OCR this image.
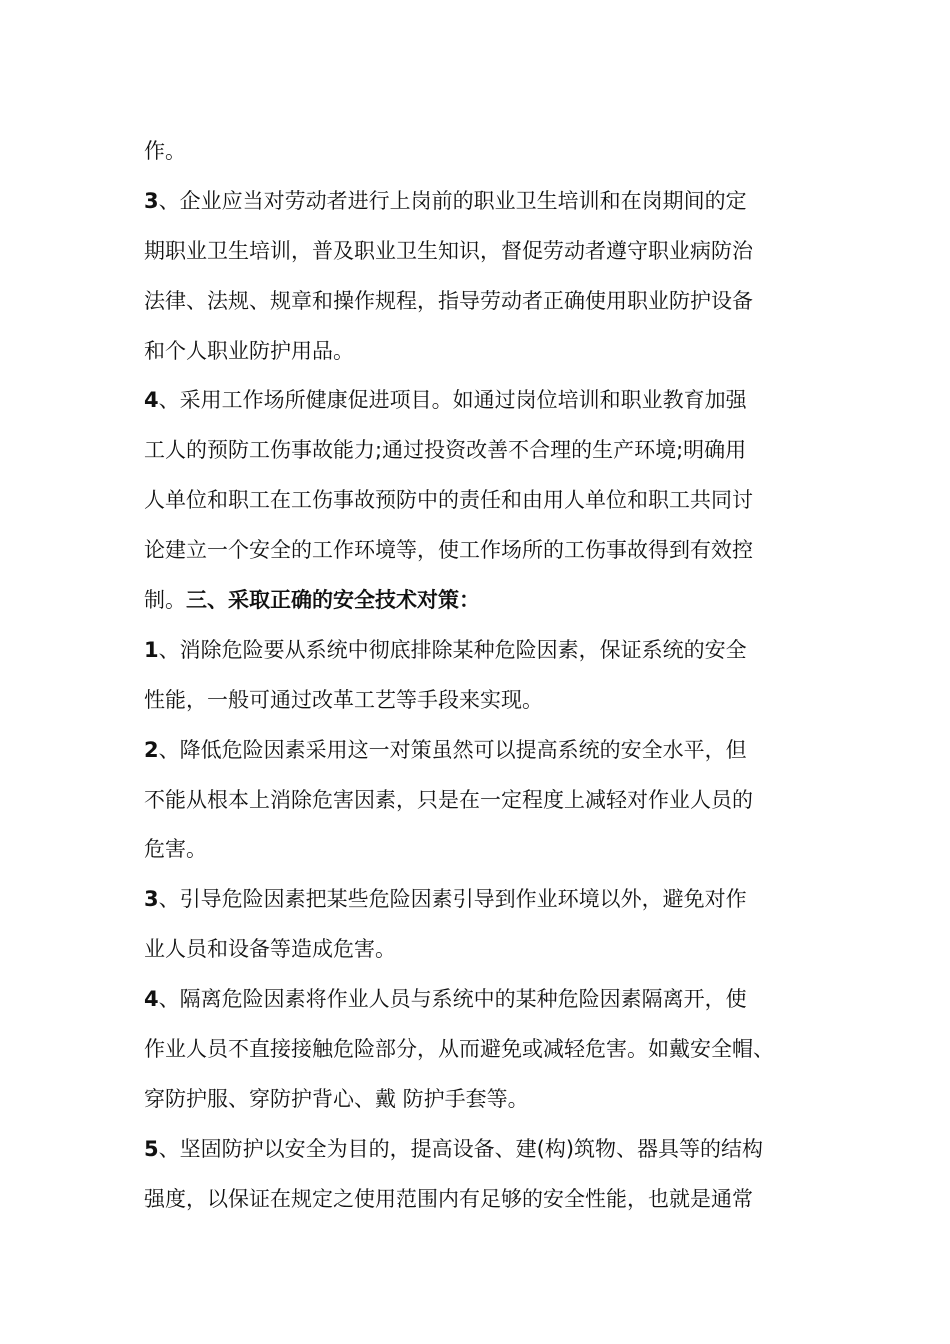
作。
3、企业应当对劳动者进行上岗前的职业卫生培训和在岗期间的定
期职业卫生培训，普及职业卫生知识，督促劳动者遵守职业病防治
法律、法规、规章和操作规程，指导劳动者正确使用职业防护设备
和个人职业防护用品。
4、采用工作场所健康促进项目。如通过岗位培训和职业教育加强
工人的预防工伤事故能力;通过投资改善不合理的生产环境;明确用
人单位和职工在工伤事故预防中的责任和由用人单位和职工共同讨
论建立一个安全的工作环境等，使工作场所的工伤事故得到有效控
制。三、采取正确的安全技术对策：
1、消除危险要从系统中彻底排除某种危险因素，保证系统的安全
性能，一般可通过改革工艺等手段来实现。
2、降低危险因素采用这一对策虽然可以提高系统的安全水平，但
不能从根本上消除危害因素，只是在一定程度上减轻对作业人员的
危害。
3、引导危险因素把某些危险因素引导到作业环境以外，避免对作
业人员和设备等造成危害。
4、隔离危险因素将作业人员与系统中的某种危险因素隔离开，使
作业人员不直接接触危险部分，从而避免或减轻危害。如戴安全帽、
穿防护服、穿防护背心、戴 防护手套等。
5、坚固防护以安全为目的，提高设备、建(构)筑物、器具等的结构
强度，以保证在规定之使用范围内有足够的安全性能，也就是通常
